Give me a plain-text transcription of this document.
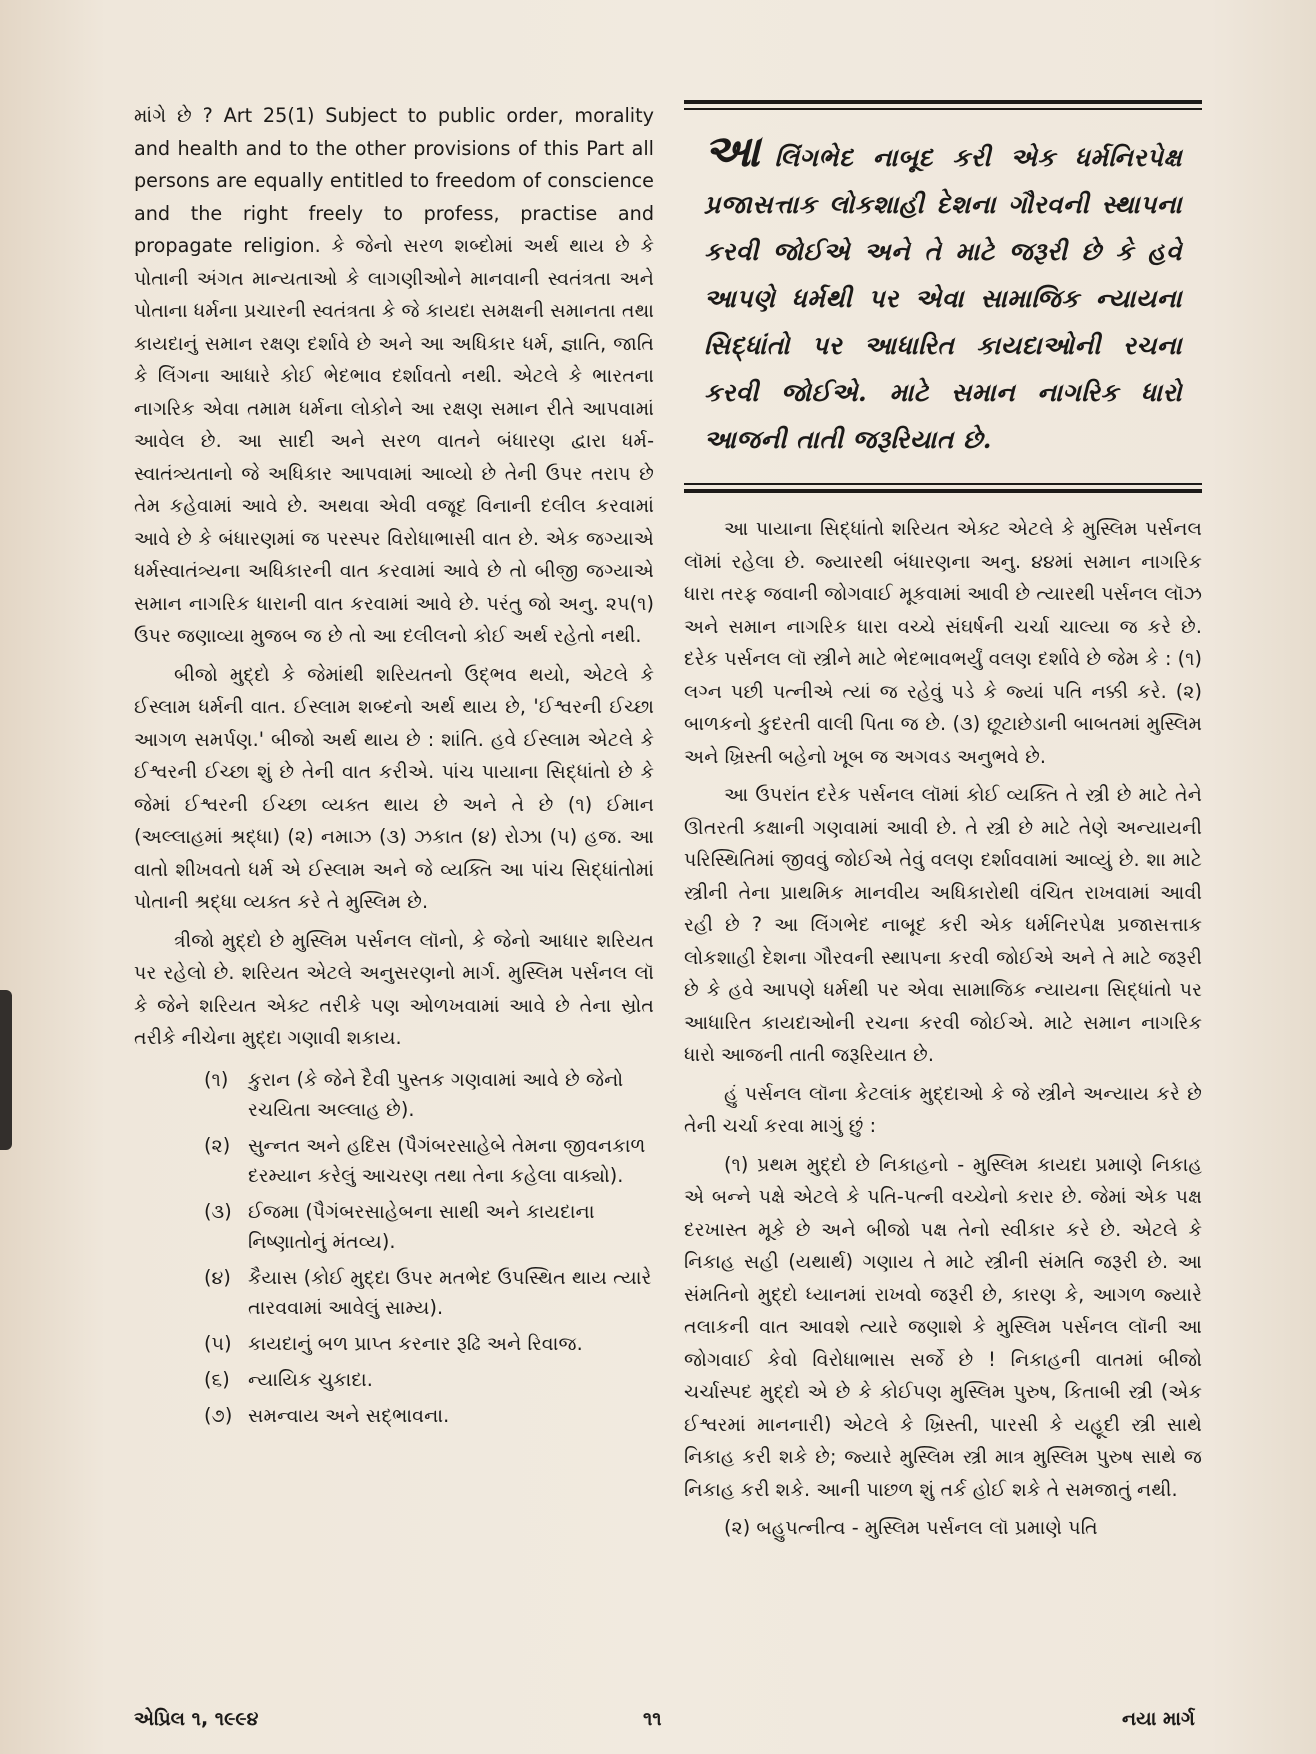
માંગે છે ? Art 25(1) Subject to public order, morality and health and to the other provisions of this Part all persons are equally entitled to freedom of conscience and the right freely to profess, practise and propagate religion. કે જેનો સરળ શબ્દોમાં અર્થ થાય છે કે પોતાની અંગત માન્યતાઓ કે લાગણીઓને માનવાની સ્વતંત્રતા અને પોતાના ધર્મના પ્રચારની સ્વતંત્રતા કે જે કાયદા સમક્ષની સમાનતા તથા કાયદાનું સમાન રક્ષણ દર્શાવે છે અને આ અધિકાર ધર્મ, જ્ઞાતિ, જાતિ કે લિંગના આધારે કોઈ ભેદભાવ દર્શાવતો નથી. એટલે કે ભારતના નાગરિક એવા તમામ ધર્મના લોકોને આ રક્ષણ સમાન રીતે આપવામાં આવેલ છે. આ સાદી અને સરળ વાતને બંધારણ દ્વારા ધર્મ-સ્વાતંત્ર્યતાનો જે અધિકાર આપવામાં આવ્યો છે તેની ઉપર તરાપ છે તેમ કહેવામાં આવે છે. અથવા એવી વજૂદ વિનાની દલીલ કરવામાં આવે છે કે બંધારણમાં જ પરસ્પર વિરોધાભાસી વાત છે. એક જગ્યાએ ધર્મસ્વાતંત્ર્યના અધિકારની વાત કરવામાં આવે છે તો બીજી જગ્યાએ સમાન નાગરિક ધારાની વાત કરવામાં આવે છે. પરંતુ જો અનુ. ૨૫(૧) ઉપર જણાવ્યા મુજબ જ છે તો આ દલીલનો કોઈ અર્થ રહેતો નથી.

બીજો મુદ્દો કે જેમાંથી શરિયતનો ઉદ્ભવ થયો, એટલે કે ઈસ્લામ ધર્મની વાત. ઈસ્લામ શબ્દનો અર્થ થાય છે, 'ઈશ્વરની ઈચ્છા આગળ સમર્પણ.' બીજો અર્થ થાય છે : શાંતિ. હવે ઈસ્લામ એટલે કે ઈશ્વરની ઈચ્છા શું છે તેની વાત કરીએ. પાંચ પાયાના સિદ્ધાંતો છે કે જેમાં ઈશ્વરની ઈચ્છા વ્યક્ત થાય છે અને તે છે (૧) ઈમાન (અલ્લાહમાં શ્રદ્ધા) (૨) નમાઝ (૩) ઝકાત (૪) રોઝા (૫) હજ. આ વાતો શીખવતો ધર્મ એ ઈસ્લામ અને જે વ્યક્તિ આ પાંચ સિદ્ધાંતોમાં પોતાની શ્રદ્ધા વ્યક્ત કરે તે મુસ્લિમ છે.

ત્રીજો મુદ્દો છે મુસ્લિમ પર્સનલ લૉનો, કે જેનો આધાર શરિયત પર રહેલો છે. શરિયત એટલે અનુસરણનો માર્ગ. મુસ્લિમ પર્સનલ લૉ કે જેને શરિયત એક્ટ તરીકે પણ ઓળખવામાં આવે છે તેના સ્રોત તરીકે નીચેના મુદ્દા ગણાવી શકાય.

(૧)	કુરાન (કે જેને દૈવી પુસ્તક ગણવામાં આવે છે જેનો રચયિતા અલ્લાહ છે).
(૨) સુન્નત અને હદિસ (પૈગંબરસાહેબે તેમના જીવનકાળ દરમ્યાન કરેલું આચરણ તથા તેના કહેલા વાક્યો).
(૩) ઈજમા (પૈગંબરસાહેબના સાથી અને કાયદાના નિષ્ણાતોનું મંતવ્ય).
(૪) કૈયાસ (કોઈ મુદ્દા ઉપર મતભેદ ઉપસ્થિત થાય ત્યારે તારવવામાં આવેલું સામ્ય).
(૫) કાયદાનું બળ પ્રાપ્ત કરનાર રૂઢિ અને રિવાજ.
(૬) ન્યાયિક ચુકાદા.
(૭) સમન્વાય અને સદ્ભાવના.
આલિંગભેદ નાબૂદ કરી એક ધર્મનિરપેક્ષ પ્રજાસત્તાક લોકશાહી દેશના ગૌરવની સ્થાપના કરવી જોઈએ અને તે માટે જરૂરી છે કે હવે આપણે ધર્મથી પર એવા સામાજિક ન્યાયના સિદ્ધાંતો પર આધારિત કાયદાઓની રચના કરવી જોઈએ. માટે સમાન નાગરિક ધારો આજની તાતી જરૂરિયાત છે.

આ પાયાના સિદ્ધાંતો શરિયત એક્ટ એટલે કે મુસ્લિમ પર્સનલ લૉમાં રહેલા છે. જ્યારથી બંધારણના અનુ. ૪૪માં સમાન નાગરિક ધારા તરફ જવાની જોગવાઈ મૂકવામાં આવી છે ત્યારથી પર્સનલ લૉઝ અને સમાન નાગરિક ધારા વચ્ચે સંઘર્ષની ચર્ચા ચાલ્યા જ કરે છે. દરેક પર્સનલ લૉ સ્ત્રીને માટે ભેદભાવભર્યું વલણ દર્શાવે છે જેમ કે : (૧) લગ્ન પછી પત્નીએ ત્યાં જ રહેવું પડે કે જ્યાં પતિ નક્કી કરે. (૨) બાળકનો કુદરતી વાલી પિતા જ છે. (૩) છૂટાછેડાની બાબતમાં મુસ્લિમ અને ખ્રિસ્તી બહેનો ખૂબ જ અગવડ અનુભવે છે.

આ ઉપરાંત દરેક પર્સનલ લૉમાં કોઈ વ્યક્તિ તે સ્ત્રી છે માટે તેને ઊતરતી કક્ષાની ગણવામાં આવી છે. તે સ્ત્રી છે માટે તેણે અન્યાયની પરિસ્થિતિમાં જીવવું જોઈએ તેવું વલણ દર્શાવવામાં આવ્યું છે. શા માટે સ્ત્રીની તેના પ્રાથમિક માનવીય અધિકારોથી વંચિત રાખવામાં આવી રહી છે ? આ લિંગભેદ નાબૂદ કરી એક ધર્મનિરપેક્ષ પ્રજાસત્તાક લોકશાહી દેશના ગૌરવની સ્થાપના કરવી જોઈએ અને તે માટે જરૂરી છે કે હવે આપણે ધર્મથી પર એવા સામાજિક ન્યાયના સિદ્ધાંતો પર આધારિત કાયદાઓની રચના કરવી જોઈએ. માટે સમાન નાગરિક ધારો આજની તાતી જરૂરિયાત છે.

હું પર્સનલ લૉના કેટલાંક મુદ્દાઓ કે જે સ્ત્રીને અન્યાય કરે છે તેની ચર્ચા કરવા માગું છું :

(૧) પ્રથમ મુદ્દો છે નિકાહનો - મુસ્લિમ કાયદા પ્રમાણે નિકાહ એ બન્ને પક્ષે એટલે કે પતિ-પત્ની વચ્ચેનો કરાર છે. જેમાં એક પક્ષ દરખાસ્ત મૂકે છે અને બીજો પક્ષ તેનો સ્વીકાર કરે છે. એટલે કે નિકાહ સહી (યથાર્થ) ગણાય તે માટે સ્ત્રીની સંમતિ જરૂરી છે. આ સંમતિનો મુદ્દો ધ્યાનમાં રાખવો જરૂરી છે, કારણ કે, આગળ જ્યારે તલાકની વાત આવશે ત્યારે જણાશે કે મુસ્લિમ પર્સનલ લૉની આ જોગવાઈ કેવો વિરોધાભાસ સર્જે છે ! નિકાહની વાતમાં બીજો ચર્ચાસ્પદ મુદ્દો એ છે કે કોઈપણ મુસ્લિમ પુરુષ, કિતાબી સ્ત્રી (એક ઈશ્વરમાં માનનારી) એટલે કે ખ્રિસ્તી, પારસી કે યહૂદી સ્ત્રી સાથે નિકાહ કરી શકે છે; જ્યારે મુસ્લિમ સ્ત્રી માત્ર મુસ્લિમ પુરુષ સાથે જ નિકાહ કરી શકે. આની પાછળ શું તર્ક હોઈ શકે તે સમજાતું નથી.

(૨) બહુપત્નીત્વ - મુસ્લિમ પર્સનલ લૉ પ્રમાણે પતિ

એપ્રિલ ૧, ૧૯૯૪	૧૧	નયા માર્ગ
